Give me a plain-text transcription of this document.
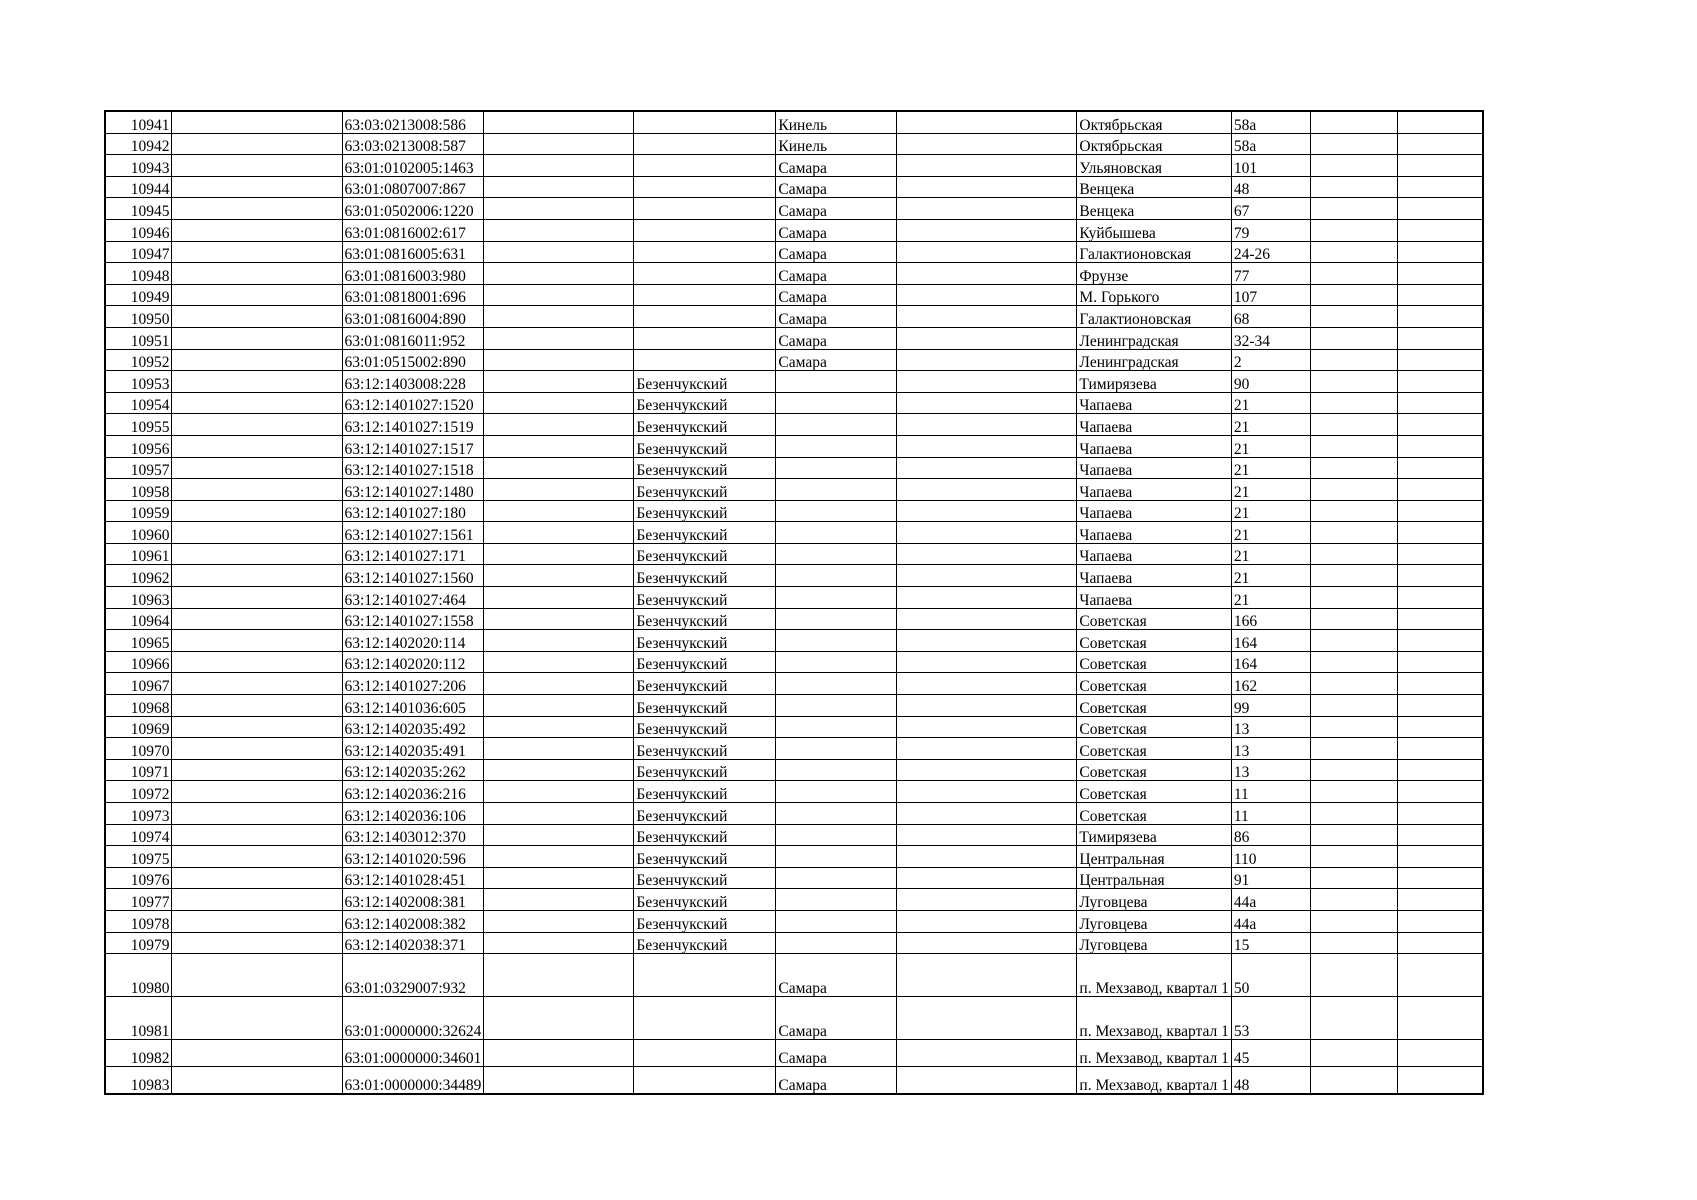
10941		63:03:0213008:586			Кинель		Октябрьская	58а		
10942		63:03:0213008:587			Кинель		Октябрьская	58а		
10943		63:01:0102005:1463			Самара		Ульяновская	101		
10944		63:01:0807007:867			Самара		Венцека	48		
10945		63:01:0502006:1220			Самара		Венцека	67		
10946		63:01:0816002:617			Самара		Куйбышева	79		
10947		63:01:0816005:631			Самара		Галактионовская	24-26		
10948		63:01:0816003:980			Самара		Фрунзе	77		
10949		63:01:0818001:696			Самара		М. Горького	107		
10950		63:01:0816004:890			Самара		Галактионовская	68		
10951		63:01:0816011:952			Самара		Ленинградская	32-34		
10952		63:01:0515002:890			Самара		Ленинградская	2		
10953		63:12:1403008:228		Безенчукский			Тимирязева	90		
10954		63:12:1401027:1520		Безенчукский			Чапаева	21		
10955		63:12:1401027:1519		Безенчукский			Чапаева	21		
10956		63:12:1401027:1517		Безенчукский			Чапаева	21		
10957		63:12:1401027:1518		Безенчукский			Чапаева	21		
10958		63:12:1401027:1480		Безенчукский			Чапаева	21		
10959		63:12:1401027:180		Безенчукский			Чапаева	21		
10960		63:12:1401027:1561		Безенчукский			Чапаева	21		
10961		63:12:1401027:171		Безенчукский			Чапаева	21		
10962		63:12:1401027:1560		Безенчукский			Чапаева	21		
10963		63:12:1401027:464		Безенчукский			Чапаева	21		
10964		63:12:1401027:1558		Безенчукский			Советская	166		
10965		63:12:1402020:114		Безенчукский			Советская	164		
10966		63:12:1402020:112		Безенчукский			Советская	164		
10967		63:12:1401027:206		Безенчукский			Советская	162		
10968		63:12:1401036:605		Безенчукский			Советская	99		
10969		63:12:1402035:492		Безенчукский			Советская	13		
10970		63:12:1402035:491		Безенчукский			Советская	13		
10971		63:12:1402035:262		Безенчукский			Советская	13		
10972		63:12:1402036:216		Безенчукский			Советская	11		
10973		63:12:1402036:106		Безенчукский			Советская	11		
10974		63:12:1403012:370		Безенчукский			Тимирязева	86		
10975		63:12:1401020:596		Безенчукский			Центральная	110		
10976		63:12:1401028:451		Безенчукский			Центральная	91		
10977		63:12:1402008:381		Безенчукский			Луговцева	44а		
10978		63:12:1402008:382		Безенчукский			Луговцева	44а		
10979		63:12:1402038:371		Безенчукский			Луговцева	15		
10980		63:01:0329007:932			Самара		п. Мехзавод, квартал 1	50		
10981		63:01:0000000:32624			Самара		п. Мехзавод, квартал 1	53		
10982		63:01:0000000:34601			Самара		п. Мехзавод, квартал 1	45		
10983		63:01:0000000:34489			Самара		п. Мехзавод, квартал 1	48		
